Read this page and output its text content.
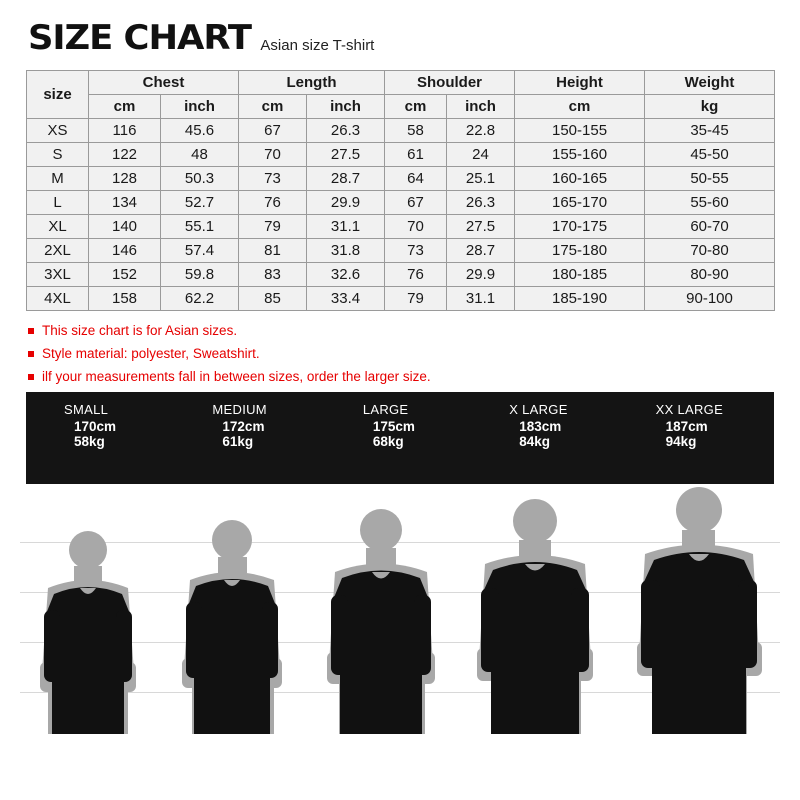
SIZE CHART Asian size T-shirt
size	Chest		Length		Shoulder		Height	Weight
	cm	inch	cm	inch	cm	inch	cm	kg
XS	116	45.6	67	26.3	58	22.8	150-155	35-45
S	122	48	70	27.5	61	24	155-160	45-50
M	128	50.3	73	28.7	64	25.1	160-165	50-55
L	134	52.7	76	29.9	67	26.3	165-170	55-60
XL	140	55.1	79	31.1	70	27.5	170-175	60-70
2XL	146	57.4	81	31.8	73	28.7	175-180	70-80
3XL	152	59.8	83	32.6	76	29.9	180-185	80-90
4XL	158	62.2	85	33.4	79	31.1	185-190	90-100
This size chart is for Asian sizes.
Style material: polyester, Sweatshirt.
ilf your measurements fall in between sizes, order the larger size.
SMALL
170cm
58kg
MEDIUM
172cm
61kg
LARGE
175cm
68kg
X LARGE
183cm
84kg
XX LARGE
187cm
94kg
